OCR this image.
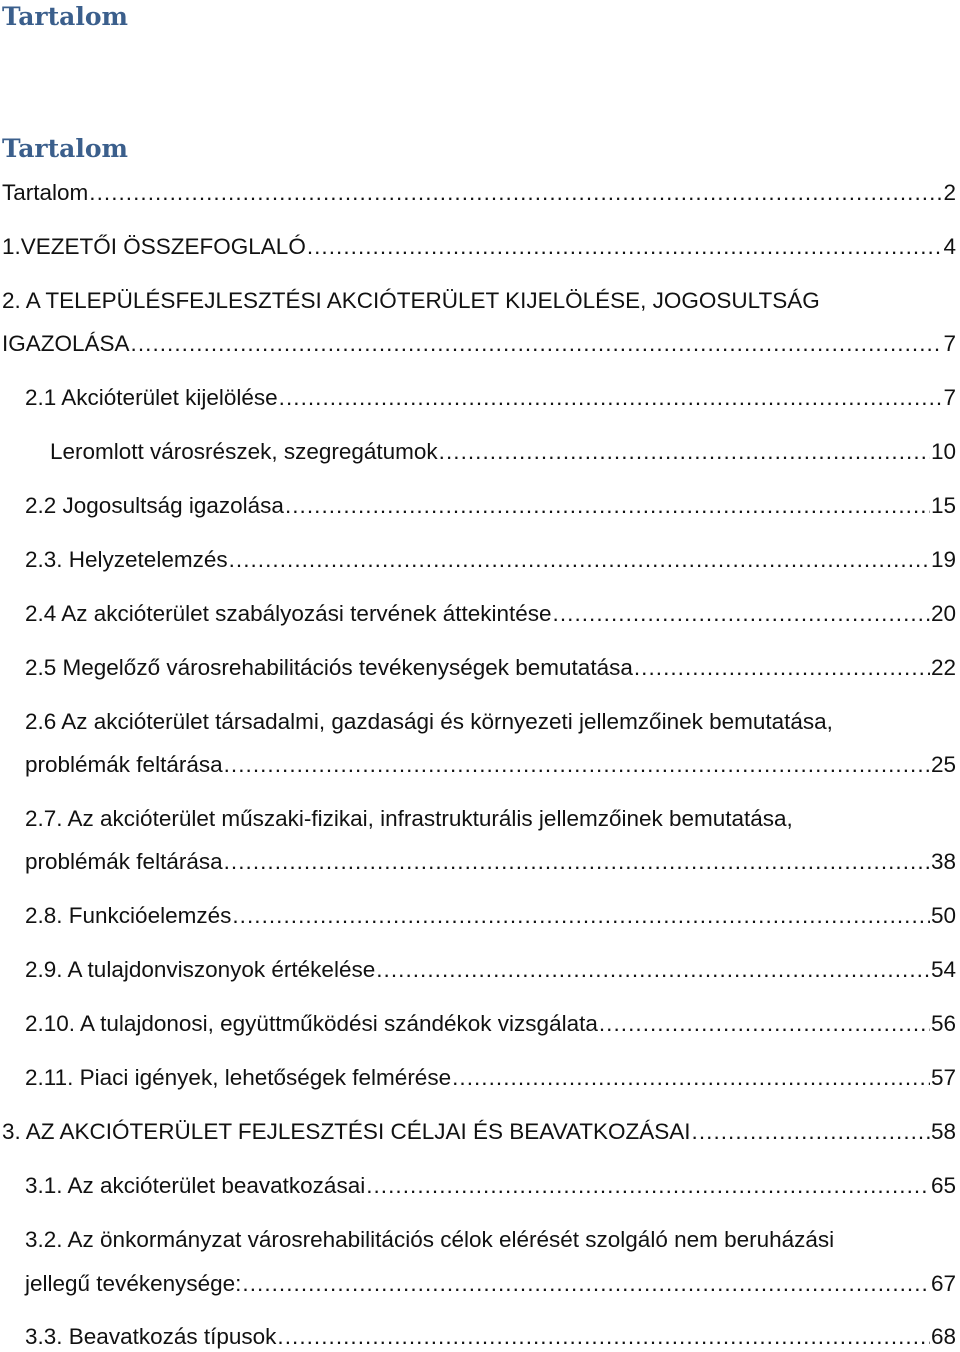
Tartalom
Tartalom
Tartalom . . .	2
1.VEZETŐI ÖSSZEFOGLALÓ . . .	4
2. A TELEPÜLÉSFEJLESZTÉSI AKCIÓTERÜLET KIJELÖLÉSE, JOGOSULTSÁG
IGAZOLÁSA . . .	7
2.1 Akcióterület kijelölése . . .	7
Leromlott városrészek, szegregátumok . . .	10
2.2 Jogosultság igazolása . . .	15
2.3. Helyzetelemzés . . .	19
2.4 Az akcióterület szabályozási tervének áttekintése . . .	20
2.5 Megelőző városrehabilitációs tevékenységek bemutatása . . .	22
2.6 Az akcióterület társadalmi, gazdasági és környezeti jellemzőinek bemutatása,
problémák feltárása . . .	25
2.7. Az akcióterület műszaki-fizikai, infrastrukturális jellemzőinek bemutatása,
problémák feltárása . . .	38
2.8. Funkcióelemzés . . .	50
2.9. A tulajdonviszonyok értékelése . . .	54
2.10. A tulajdonosi, együttműködési szándékok vizsgálata . . .	56
2.11. Piaci igények, lehetőségek felmérése . . .	57
3. AZ AKCIÓTERÜLET FEJLESZTÉSI CÉLJAI ÉS BEAVATKOZÁSAI . . .	58
3.1. Az akcióterület beavatkozásai . . .	65
3.2. Az önkormányzat városrehabilitációs célok elérését szolgáló nem beruházási
jellegű tevékenysége: . . .	67
3.3. Beavatkozás típusok . . .	68
